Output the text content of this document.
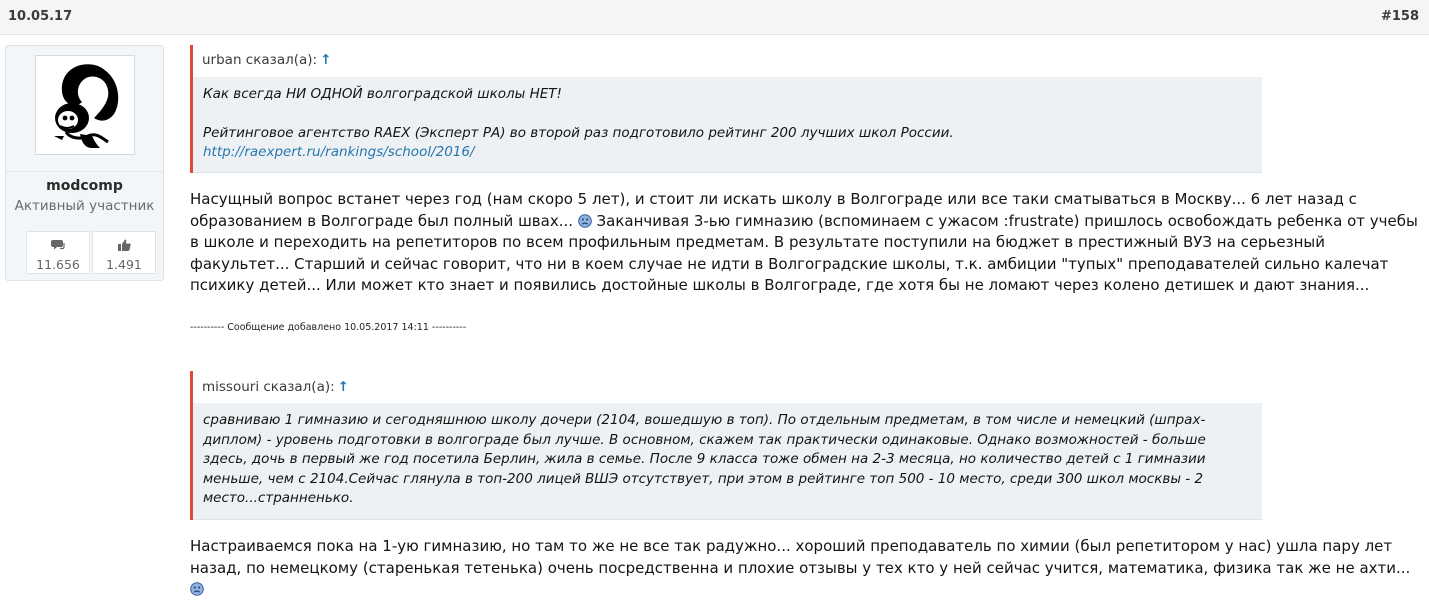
10.05.17	#158
modcomp
Активный участник
11.656	1.491
urban сказал(а): ↑

Как всегда НИ ОДНОЙ волгоградской школы НЕТ!

Рейтинговое агентство RAEX (Эксперт РА) во второй раз подготовило рейтинг 200 лучших школ России.

http://raexpert.ru/rankings/school/2016/

Насущный вопрос встанет через год (нам скоро 5 лет), и стоит ли искать школу в Волгограде или все таки сматываться в Москву... 6 лет назад с образованием в Волгограде был полный швах...  Заканчивая 3-ью гимназию (вспоминаем с ужасом :frustrate) пришлось освобождать ребенка от учебы в школе и переходить на репетиторов по всем профильным предметам. В результате поступили на бюджет в престижный ВУЗ на серьезный факультет... Старший и сейчас говорит, что ни в коем случае не идти в Волгоградские школы, т.к. амбиции "тупых" преподавателей сильно калечат психику детей... Или может кто знает и появились достойные школы в Волгограде, где хотя бы не ломают через колено детишек и дают знания...
---------- Сообщение добавлено 10.05.2017 14:11 ----------
missouri сказал(а): ↑

сравниваю 1 гимназию и сегодняшнюю школу дочери (2104, вошедшую в топ). По отдельным предметам, в том числе и немецкий (шпрах-диплом) - уровень подготовки в волгограде был лучше. В основном, скажем так практически одинаковые. Однако возможностей - больше здесь, дочь в первый же год посетила Берлин, жила в семье. После 9 класса тоже обмен на 2-3 месяца, но количество детей с 1 гимназии меньше, чем с 2104.Сейчас глянула в топ-200 лицей ВШЭ отсутствует, при этом в рейтинге топ 500 - 10 место, среди 300 школ москвы - 2 место...странненько.

Настраиваемся пока на 1-ую гимназию, но там то же не все так радужно... хороший преподаватель по химии (был репетитором у нас) ушла пару лет назад, по немецкому (старенькая тетенька) очень посредственна и плохие отзывы у тех кто у ней сейчас учится, математика, физика так же не ахти...
